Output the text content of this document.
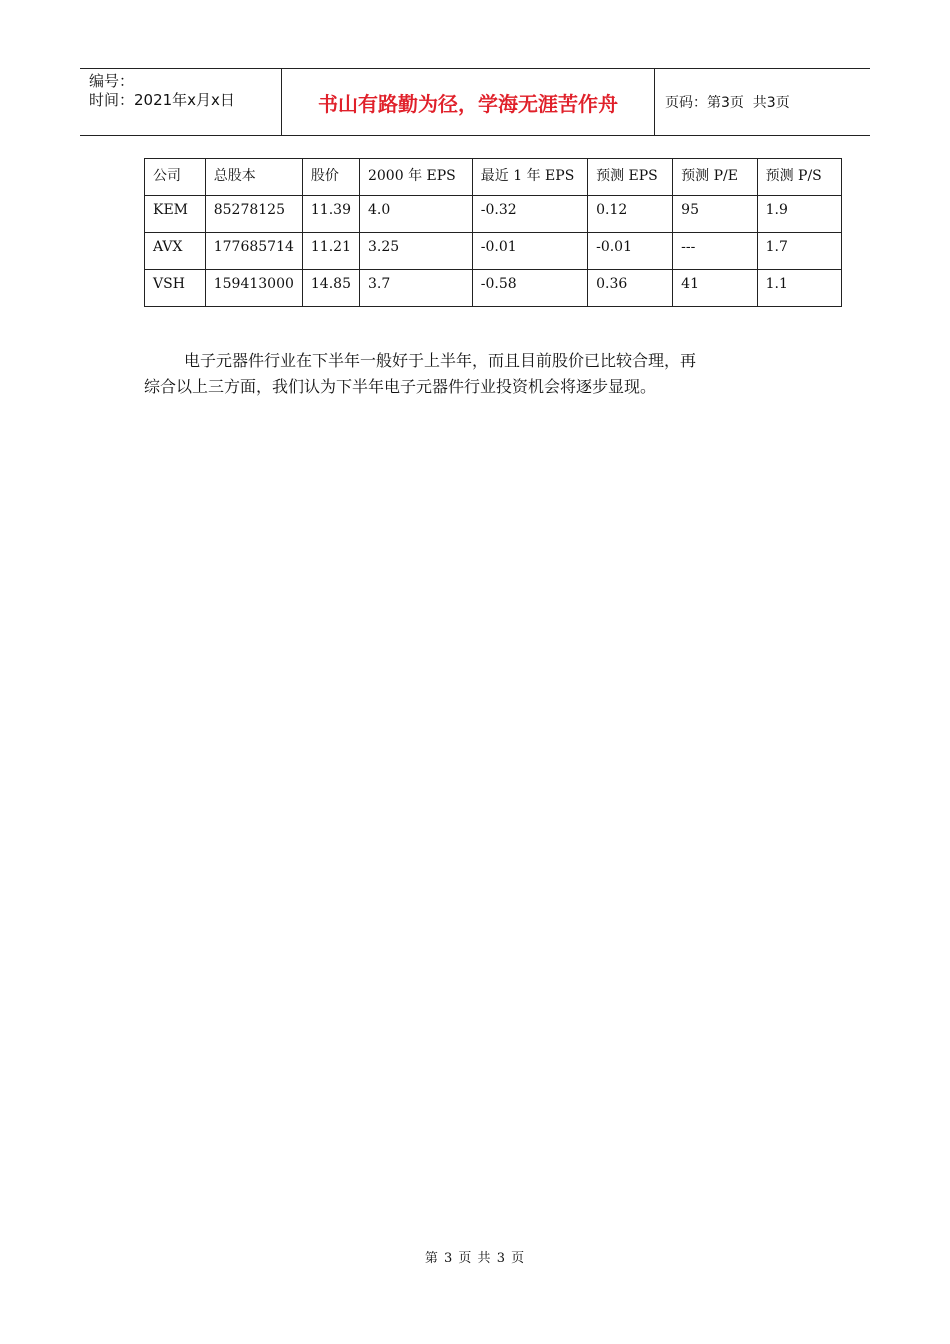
编号：
时间：2021年x月x日	书山有路勤为径，学海无涯苦作舟	页码：第3页  共3页
公司	总股本	股价	2000 年 EPS	最近 1 年 EPS	预测 EPS	预测 P/E	预测 P/S
KEM	85278125	11.39	4.0	-0.32	0.12	95	1.9
AVX	177685714	11.21	3.25	-0.01	-0.01	---	1.7
VSH	159413000	14.85	3.7	-0.58	0.36	41	1.1

电子元器件行业在下半年一般好于上半年，而且目前股价已比较合理，再

综合以上三方面，我们认为下半年电子元器件行业投资机会将逐步显现。

第 3 页 共 3 页
